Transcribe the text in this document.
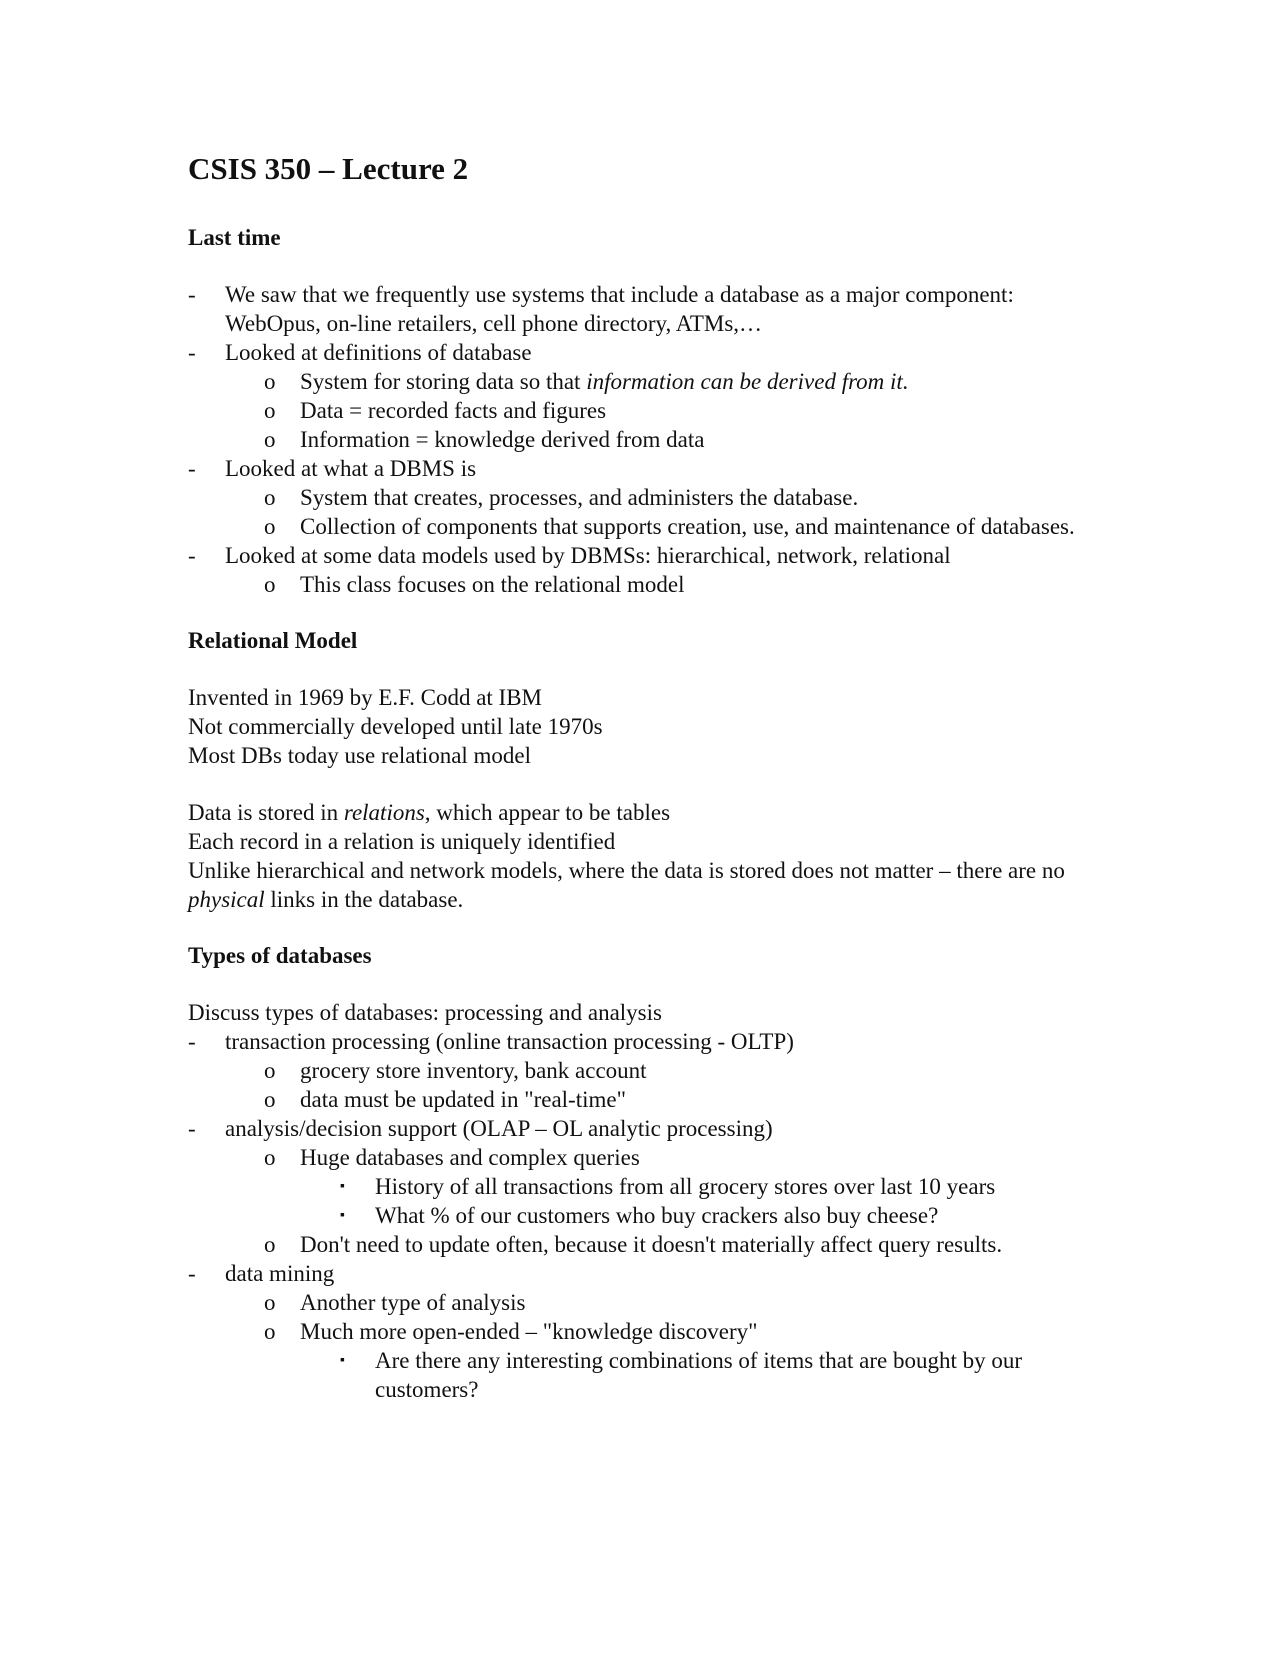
CSIS 350 – Lecture 2
Last time
- We saw that we frequently use systems that include a database as a major component: WebOpus, on-line retailers, cell phone directory, ATMs,…
- Looked at definitions of database
o System for storing data so that information can be derived from it.
o Data = recorded facts and figures
o Information = knowledge derived from data
- Looked at what a DBMS is
o System that creates, processes, and administers the database.
o Collection of components that supports creation, use, and maintenance of databases.
- Looked at some data models used by DBMSs: hierarchical, network, relational
o This class focuses on the relational model
Relational Model
Invented in 1969 by E.F. Codd at IBM
Not commercially developed until late 1970s
Most DBs today use relational model
Data is stored in relations, which appear to be tables
Each record in a relation is uniquely identified
Unlike hierarchical and network models, where the data is stored does not matter – there are no physical links in the database.
Types of databases
Discuss types of databases: processing and analysis
- transaction processing (online transaction processing - OLTP)
o grocery store inventory, bank account
o data must be updated in "real-time"
- analysis/decision support (OLAP – OL analytic processing)
o Huge databases and complex queries
▪ History of all transactions from all grocery stores over last 10 years
▪ What % of our customers who buy crackers also buy cheese?
o Don't need to update often, because it doesn't materially affect query results.
- data mining
o Another type of analysis
o Much more open-ended – "knowledge discovery"
▪ Are there any interesting combinations of items that are bought by our customers?
